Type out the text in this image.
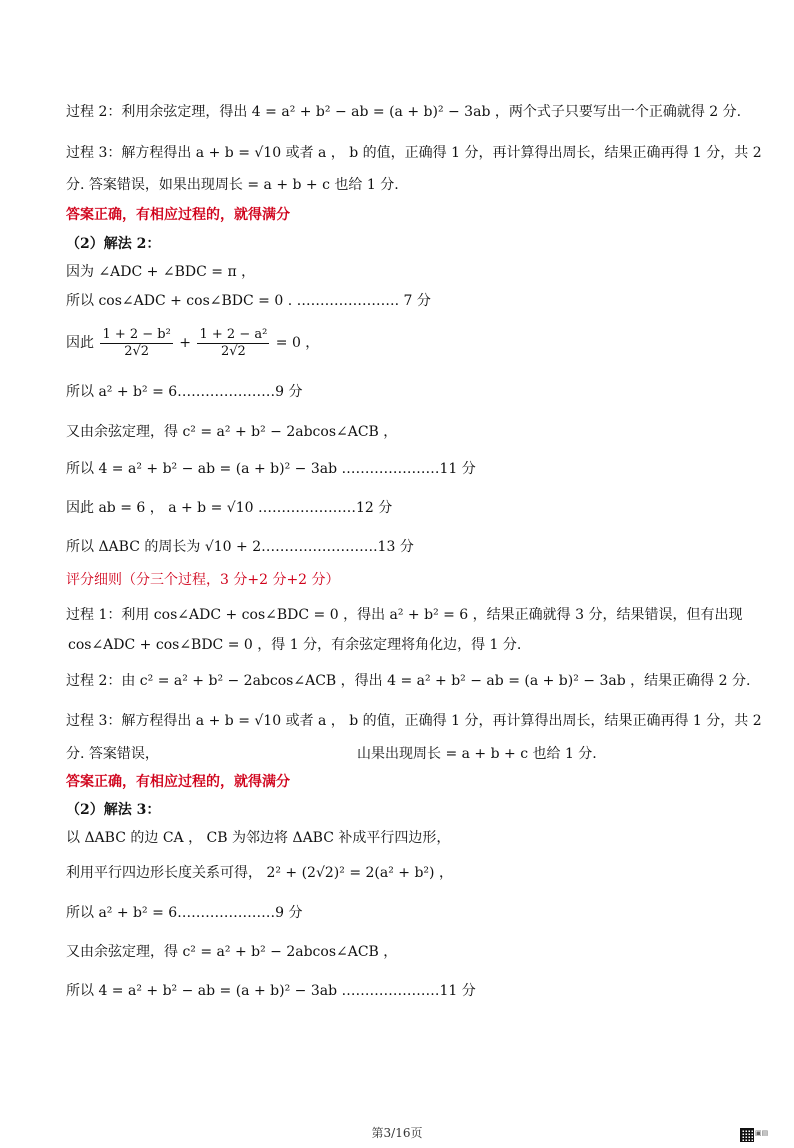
过程 2：利用余弦定理，得出 4 = a² + b² − ab = (a + b)² − 3ab ，两个式子只要写出一个正确就得 2 分.
过程 3：解方程得出 a + b = √10 或者 a ， b 的值，正确得 1 分，再计算得出周长，结果正确再得 1 分，共 2
分. 答案错误，如果出现周长 = a + b + c 也给 1 分.
答案正确，有相应过程的，就得满分
（2）解法 2：
因为 ∠ADC + ∠BDC = π ，
所以 cos∠ADC + cos∠BDC = 0 . …………………. 7 分
因此 $\frac{\text{1 + 2 − b²}}{2√2} + \frac{\text{1 + 2 − a²}}{2√2} = 0$ ，
所以 a² + b² = 6…………………9 分
又由余弦定理，得 c² = a² + b² − 2abcos∠ACB ，
所以 4 = a² + b² − ab = (a + b)² − 3ab …………………11 分
因此 ab = 6 ， a + b = √10 …………………12 分
所以 ΔABC 的周长为 √10 + 2…………………….13 分
评分细则（分三个过程，3 分+2 分+2 分）
过程 1：利用 cos∠ADC + cos∠BDC = 0 ，得出 a² + b² = 6 ，结果正确就得 3 分，结果错误，但有出现
cos∠ADC + cos∠BDC = 0 ，得 1 分，有余弦定理将角化边，得 1 分.
过程 2：由 c² = a² + b² − 2abcos∠ACB ，得出 4 = a² + b² − ab = (a + b)² − 3ab ，结果正确得 2 分.
过程 3：解方程得出 a + b = √10 或者 a ， b 的值，正确得 1 分，再计算得出周长，结果正确再得 1 分，共 2
分. 答案错误，	山果出现周长 = a + b + c 也给 1 分.
答案正确，有相应过程的，就得满分
（2）解法 3：
以 ΔABC 的边 CA ， CB 为邻边将 ΔABC 补成平行四边形，
利用平行四边形长度关系可得， 2² + (2√2)² = 2(a² + b²) ，
所以 a² + b² = 6…………………9 分
又由余弦定理，得 c² = a² + b² − 2abcos∠ACB ，
所以 4 = a² + b² − ab = (a + b)² − 3ab …………………11 分
第3/16页	▣▤
